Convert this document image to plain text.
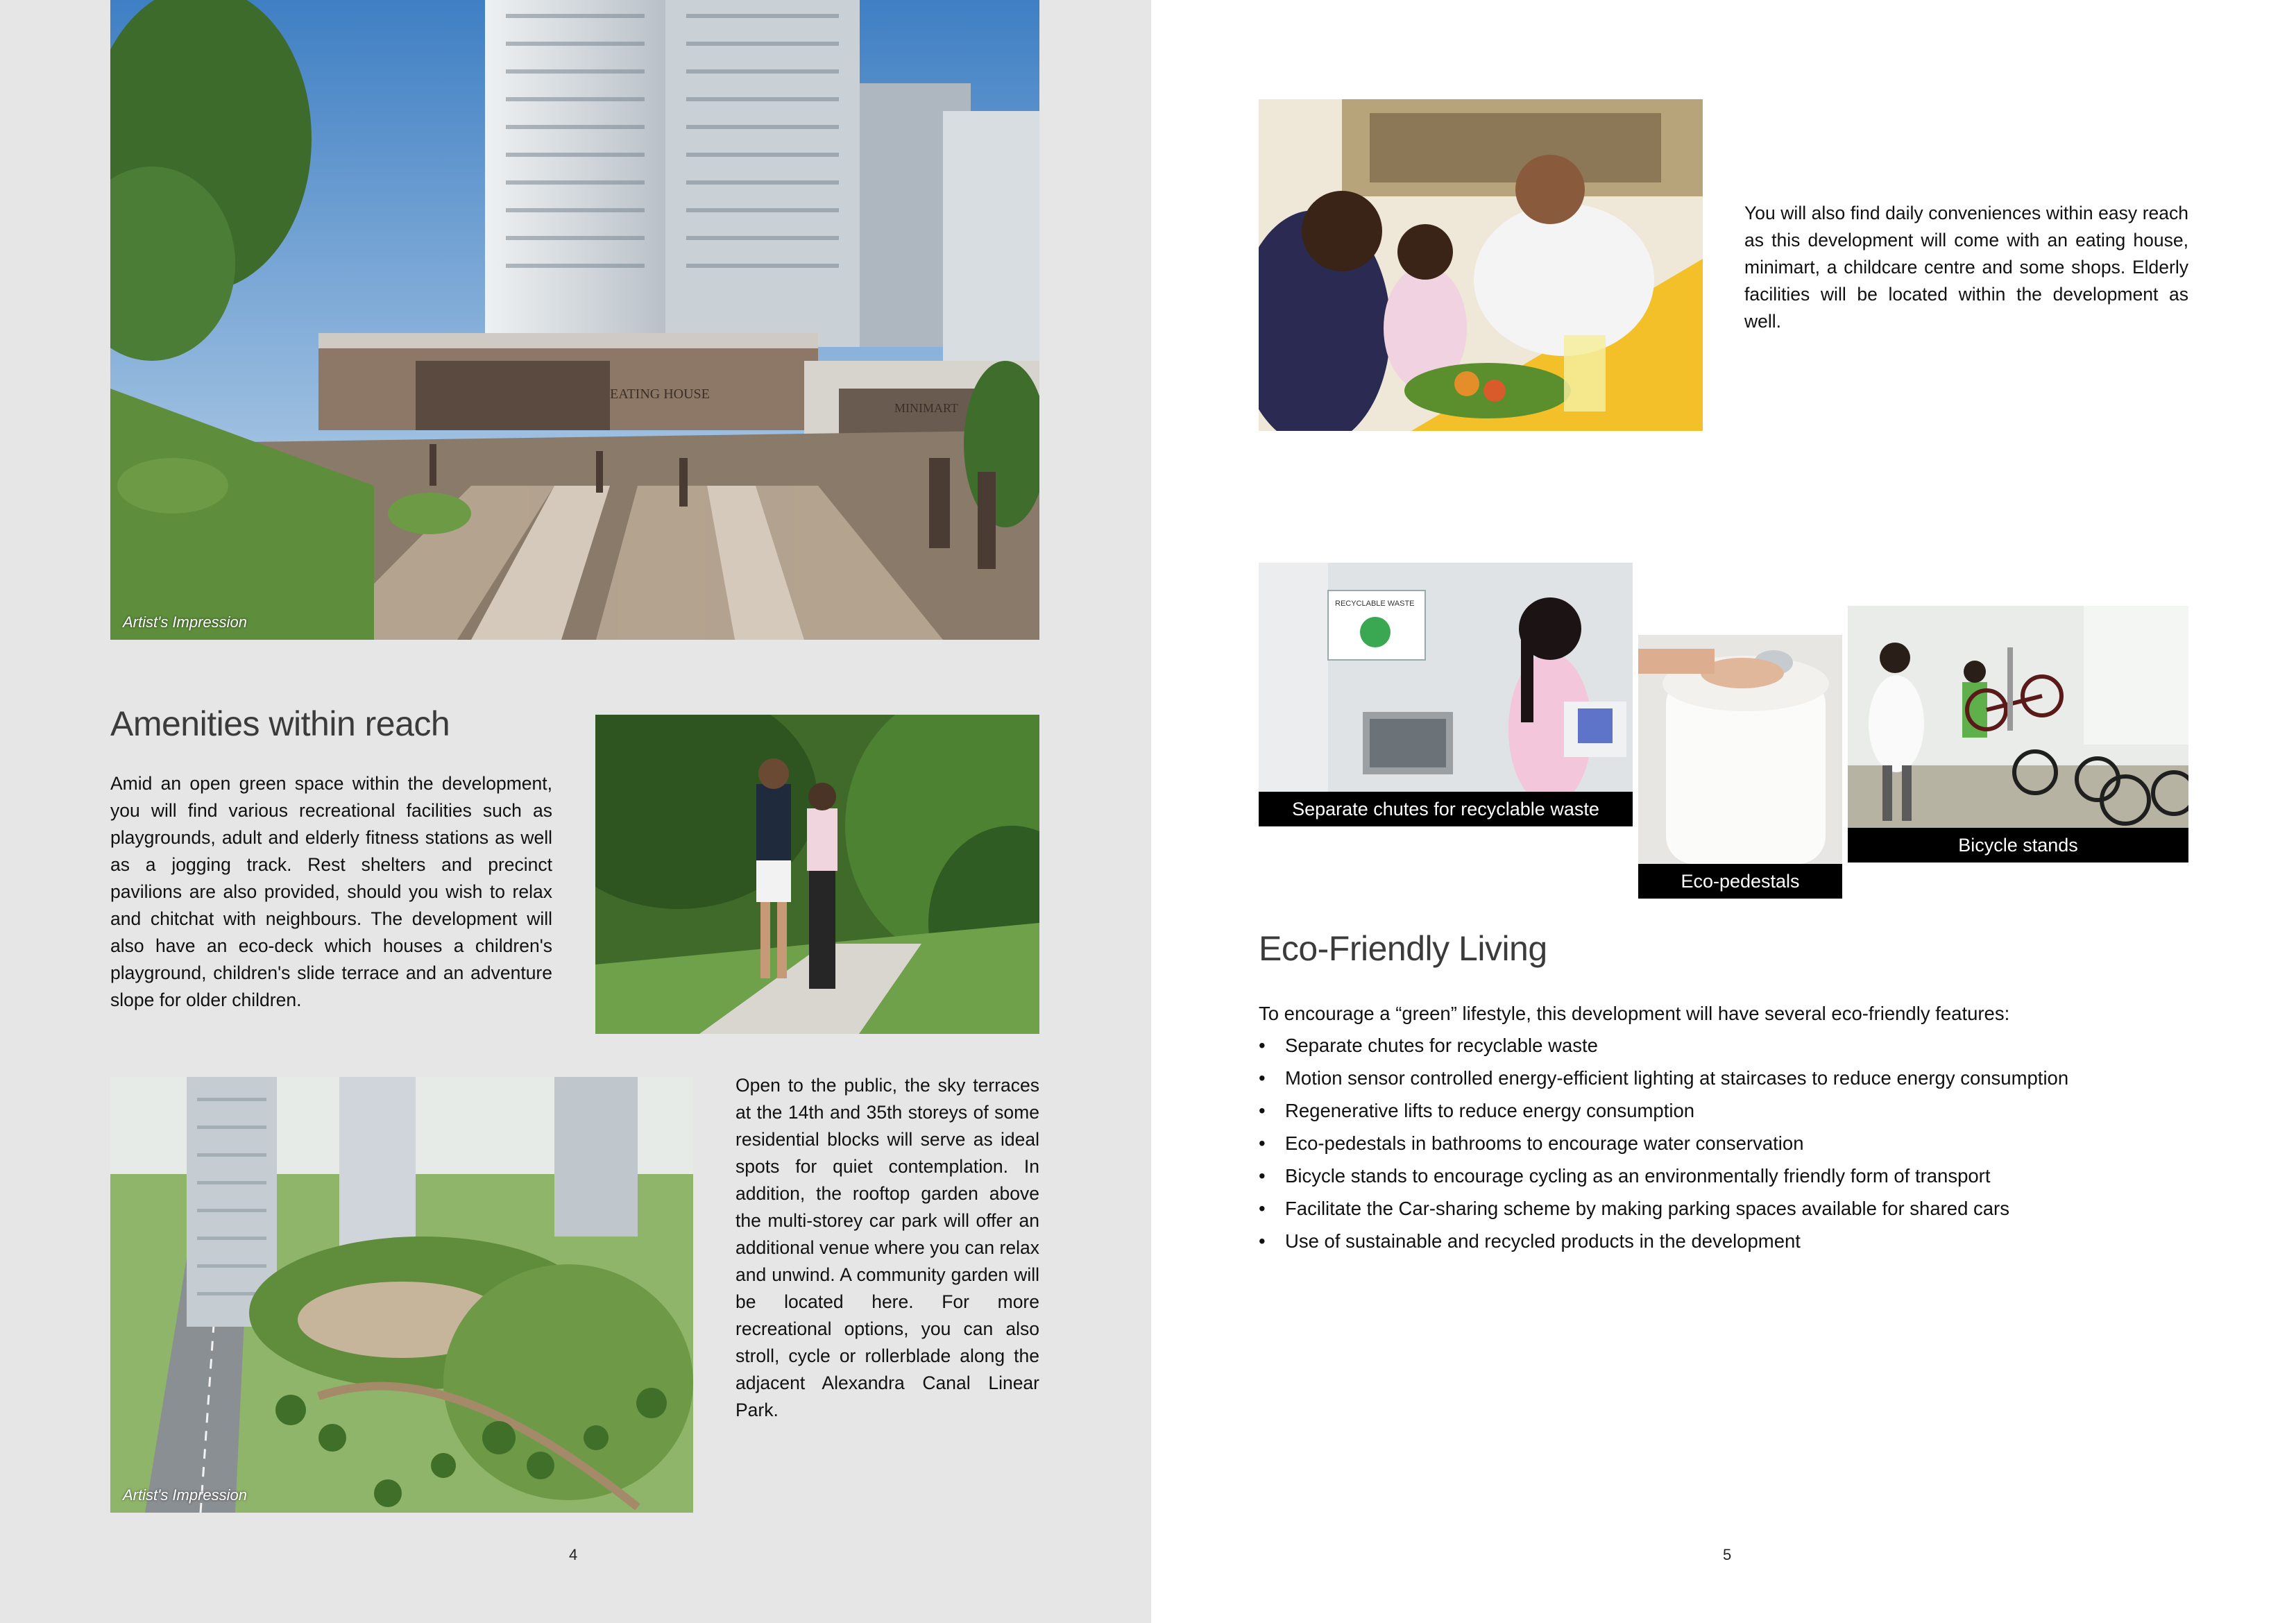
EATING HOUSE
MINIMART
Artist's Impression
Amenities within reach
Amid an open green space within the development, you will find various recreational facilities such as playgrounds, adult and elderly fitness stations as well as a jogging track. Rest shelters and precinct pavilions are also provided, should you wish to relax and chitchat with neighbours. The development will also have an eco-deck which houses a children's playground, children's slide terrace and an adventure slope for older children.
Artist's Impression
Open to the public, the sky terraces at the 14th and 35th storeys of some residential blocks will serve as ideal spots for quiet contemplation. In addition, the rooftop garden above the multi-storey car park will offer an additional venue where you can relax and unwind. A community garden will be located here. For more recreational options, you can also stroll, cycle or rollerblade along the adjacent Alexandra Canal Linear Park.
4
You will also find daily conveniences within easy reach as this development will come with an eating house, minimart, a childcare centre and some shops. Elderly facilities will be located within the development as well.
RECYCLABLE WASTE
Separate chutes for recyclable waste
Eco-pedestals
Bicycle stands
Eco-Friendly Living
To encourage a “green” lifestyle, this development will have several eco-friendly features:
• Separate chutes for recyclable waste
• Motion sensor controlled energy-efficient lighting at staircases to reduce energy consumption
• Regenerative lifts to reduce energy consumption
• Eco-pedestals in bathrooms to encourage water conservation
• Bicycle stands to encourage cycling as an environmentally friendly form of transport
• Facilitate the Car-sharing scheme by making parking spaces available for shared cars
• Use of sustainable and recycled products in the development
5
